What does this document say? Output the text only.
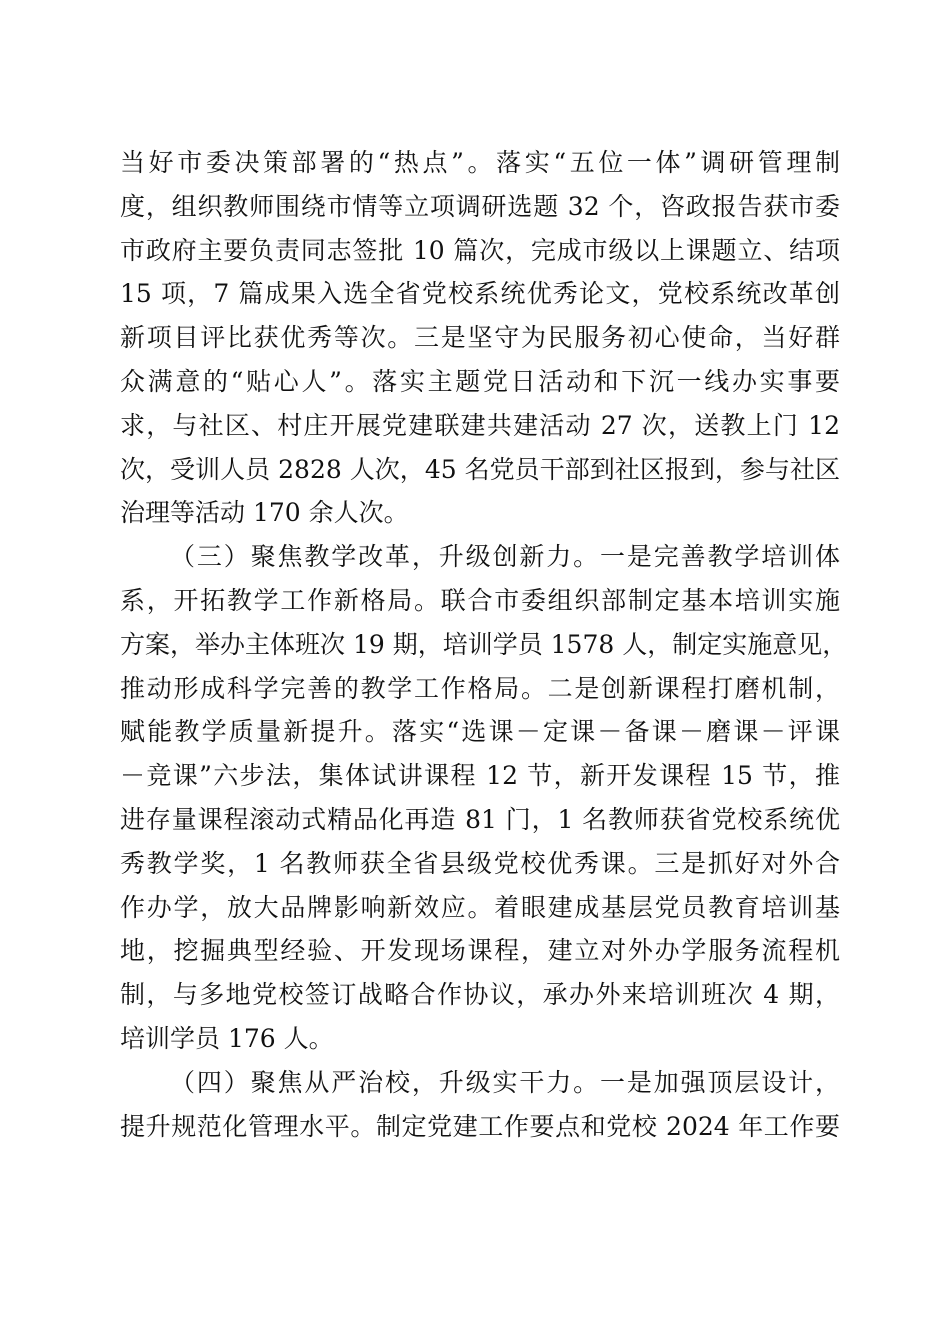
当好市委决策部署的“热点”。落实“五位一体”调研管理制
度，组织教师围绕市情等立项调研选题 32 个，咨政报告获市委
市政府主要负责同志签批 10 篇次，完成市级以上课题立、结项
15 项，7 篇成果入选全省党校系统优秀论文，党校系统改革创
新项目评比获优秀等次。三是坚守为民服务初心使命，当好群
众满意的“贴心人”。落实主题党日活动和下沉一线办实事要
求，与社区、村庄开展党建联建共建活动 27 次，送教上门 12
次，受训人员 2828 人次，45 名党员干部到社区报到，参与社区
治理等活动 170 余人次。
（三）聚焦教学改革，升级创新力。一是完善教学培训体
系，开拓教学工作新格局。联合市委组织部制定基本培训实施
方案，举办主体班次 19 期，培训学员 1578 人，制定实施意见，
推动形成科学完善的教学工作格局。二是创新课程打磨机制，
赋能教学质量新提升。落实“选课－定课－备课－磨课－评课
－竞课”六步法，集体试讲课程 12 节，新开发课程 15 节，推
进存量课程滚动式精品化再造 81 门，1 名教师获省党校系统优
秀教学奖，1 名教师获全省县级党校优秀课。三是抓好对外合
作办学，放大品牌影响新效应。着眼建成基层党员教育培训基
地，挖掘典型经验、开发现场课程，建立对外办学服务流程机
制，与多地党校签订战略合作协议，承办外来培训班次 4 期，
培训学员 176 人。
（四）聚焦从严治校，升级实干力。一是加强顶层设计，
提升规范化管理水平。制定党建工作要点和党校 2024 年工作要
